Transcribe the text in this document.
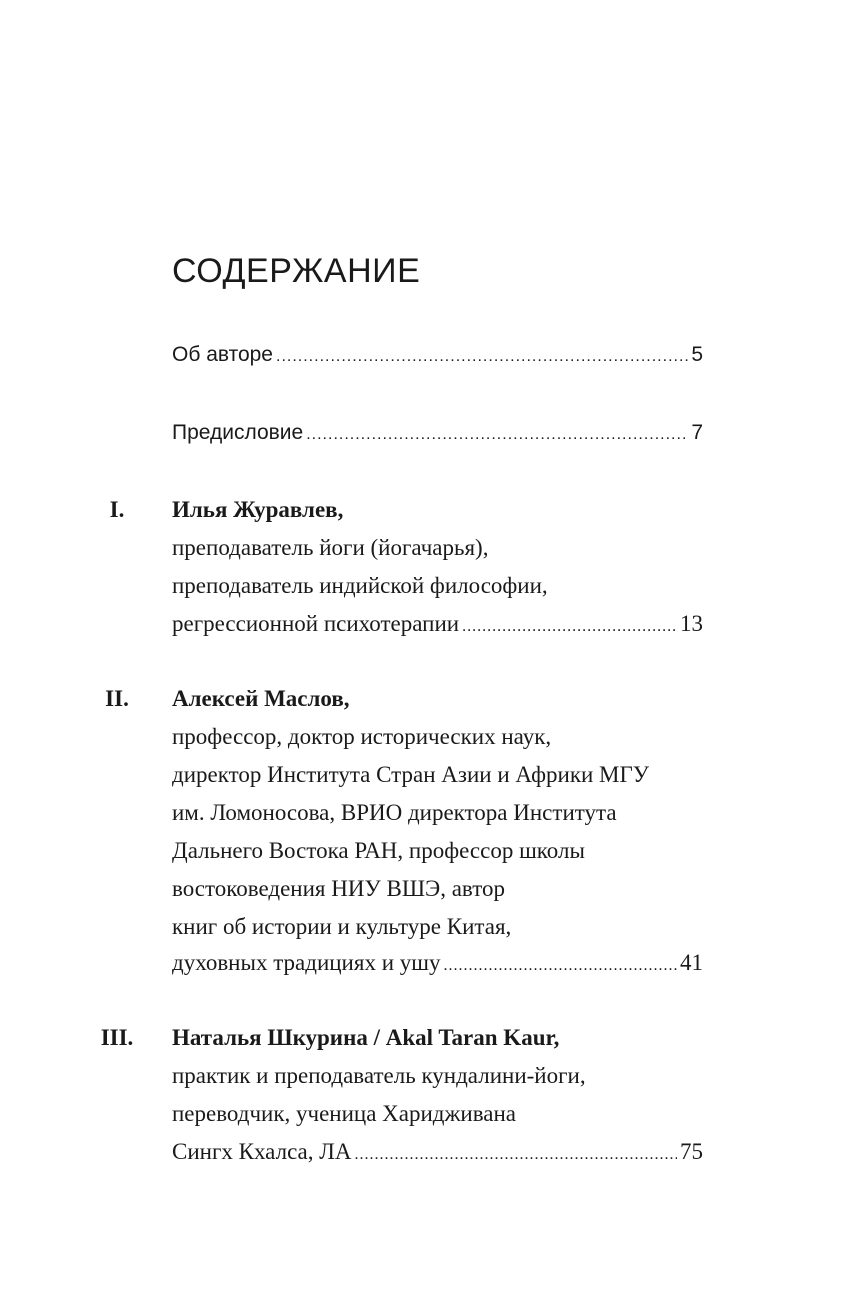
СОДЕРЖАНИЕ
Об авторе .....	5
Предисловие .....	7
I.	Илья Журавлев,
преподаватель йоги (йогачарья),
преподаватель индийской философии,
регрессионной психотерапии .....	13
II.	Алексей Маслов,
профессор, доктор исторических наук,
директор Института Стран Азии и Африки МГУ
им. Ломоносова, ВРИО директора Института
Дальнего Востока РАН, профессор школы
востоковедения НИУ ВШЭ, автор
книг об истории и культуре Китая,
духовных традициях и ушу .....	41
III.	Наталья Шкурина / Akal Taran Kaur,
практик и преподаватель кундалини-йоги,
переводчик, ученица Харидживана
Сингх Кхалса, ЛА .....	75
